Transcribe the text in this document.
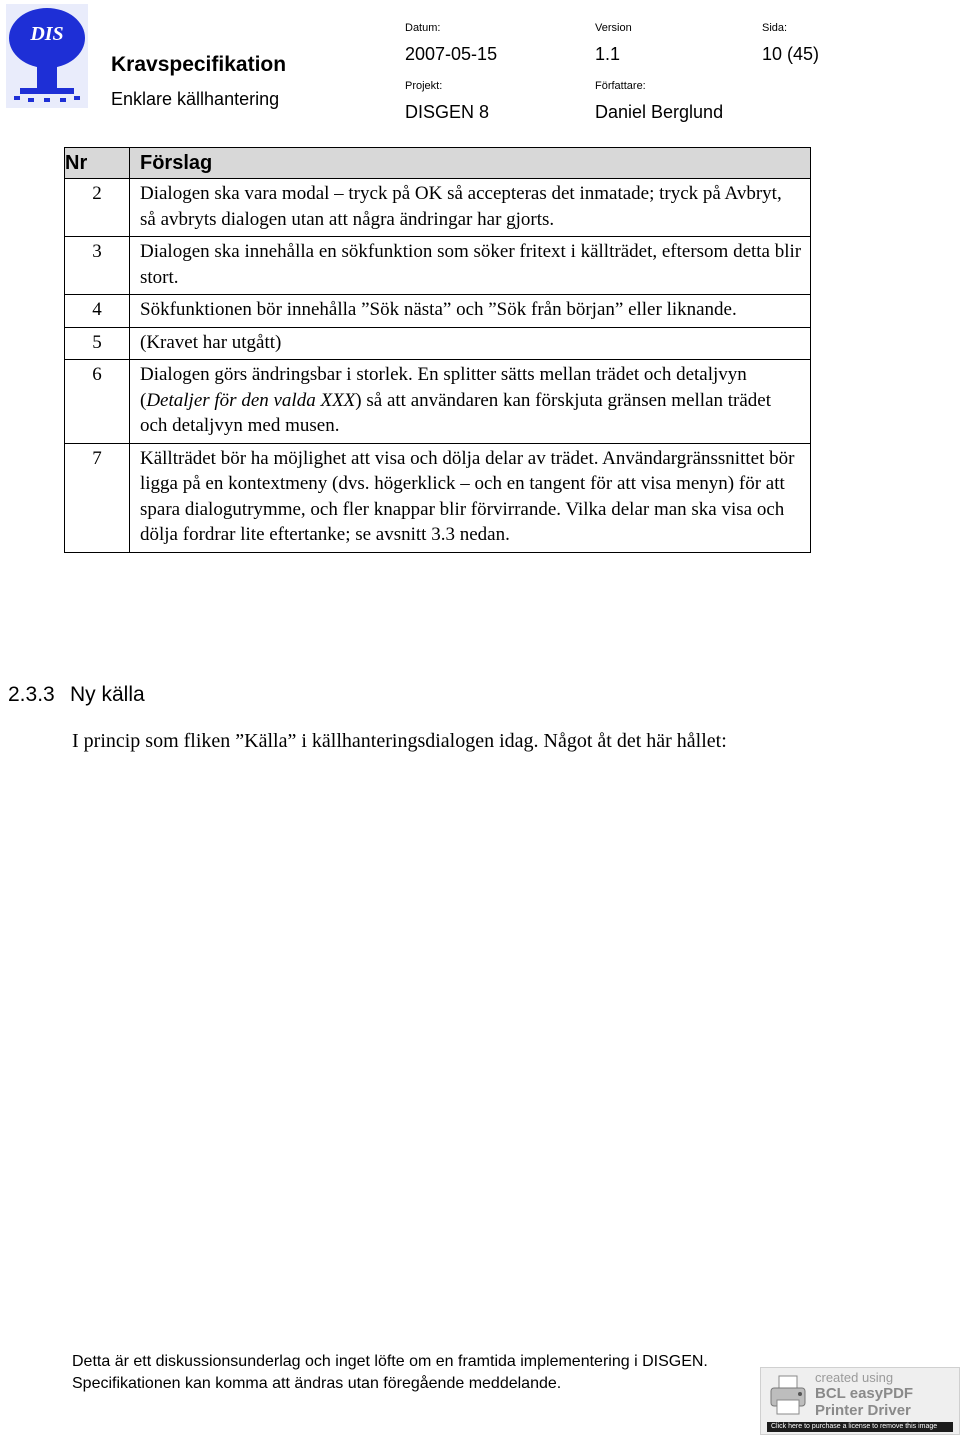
DIS
Kravspecifikation
Enklare källhantering
Datum:
2007-05-15
Version
1.1
Sida:
10 (45)
Projekt:
DISGEN 8
Författare:
Daniel Berglund
Nr	Förslag
2	Dialogen ska vara modal – tryck på OK så accepteras det inmatade; tryck på Avbryt, så avbryts dialogen utan att några ändringar har gjorts.
3	Dialogen ska innehålla en sökfunktion som söker fritext i källträdet, eftersom detta blir stort.
4	Sökfunktionen bör innehålla ”Sök nästa” och ”Sök från början” eller liknande.
5	(Kravet har utgått)
6	Dialogen görs ändringsbar i storlek. En splitter sätts mellan trädet och detaljvyn (Detaljer för den valda XXX) så att användaren kan förskjuta gränsen mellan trädet och detaljvyn med musen.
7	Källträdet bör ha möjlighet att visa och dölja delar av trädet. Användargränssnittet bör ligga på en kontextmeny (dvs. högerklick – och en tangent för att visa menyn) för att spara dialogutrymme, och fler knappar blir förvirrande. Vilka delar man ska visa och dölja fordrar lite eftertanke; se avsnitt 3.3 nedan.
2.3.3 Ny källa
I princip som fliken ”Källa” i källhanteringsdialogen idag. Något åt det här hållet:
Detta är ett diskussionsunderlag och inget löfte om en framtida implementering i DISGEN.
Specifikationen kan komma att ändras utan föregående meddelande.	created using
BCL easyPDF
Printer Driver
Click here to purchase a license to remove this image
